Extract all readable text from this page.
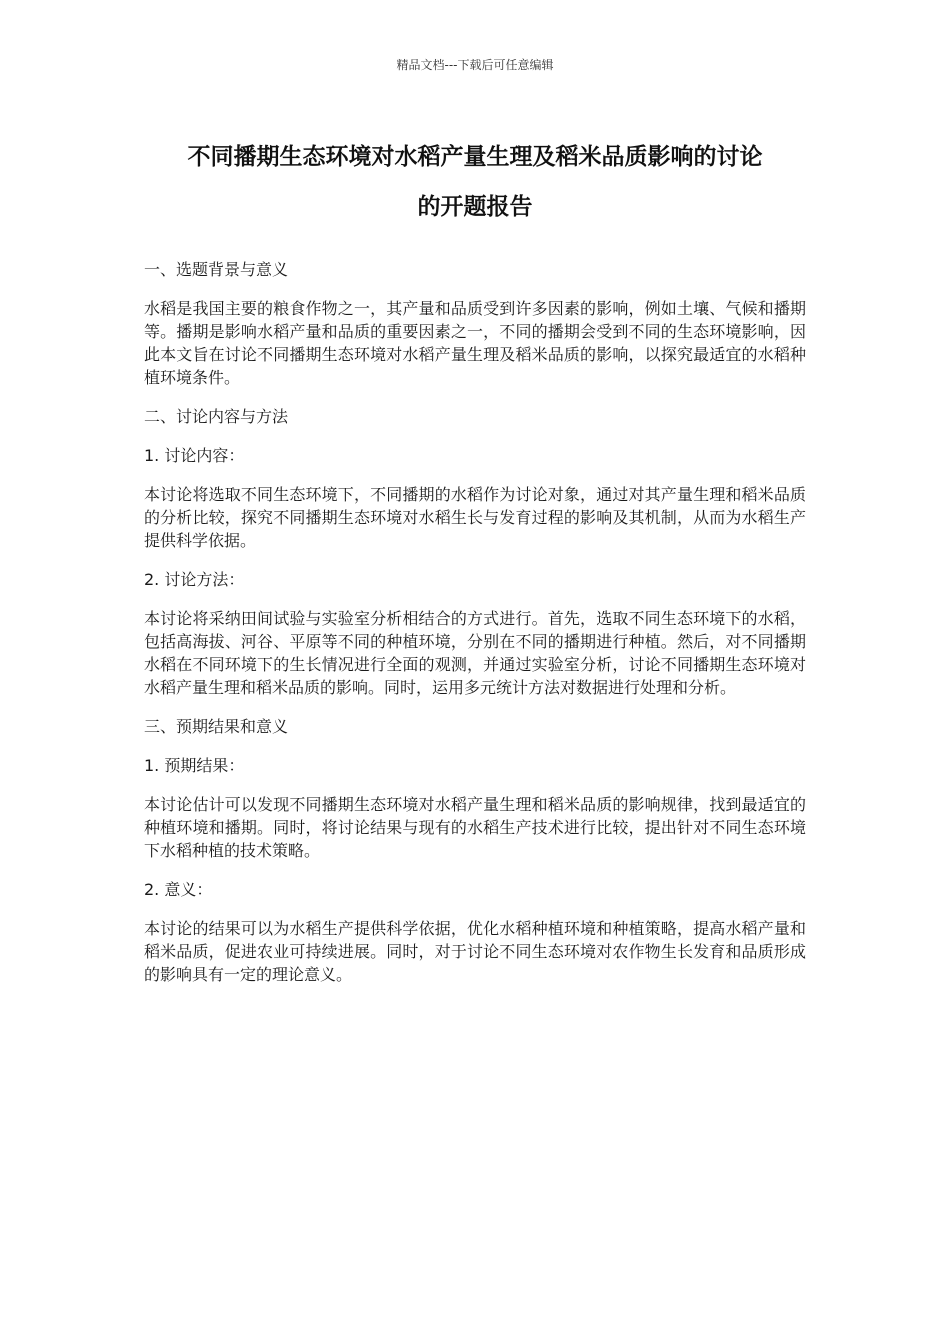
精品文档---下载后可任意编辑
不同播期生态环境对水稻产量生理及稻米品质影响的讨论
的开题报告

一、选题背景与意义

水稻是我国主要的粮食作物之一，其产量和品质受到许多因素的影响，例如土壤、气候和播期等。播期是影响水稻产量和品质的重要因素之一，不同的播期会受到不同的生态环境影响，因此本文旨在讨论不同播期生态环境对水稻产量生理及稻米品质的影响，以探究最适宜的水稻种植环境条件。

二、讨论内容与方法

1. 讨论内容：

本讨论将选取不同生态环境下，不同播期的水稻作为讨论对象，通过对其产量生理和稻米品质的分析比较，探究不同播期生态环境对水稻生长与发育过程的影响及其机制，从而为水稻生产提供科学依据。

2. 讨论方法：

本讨论将采纳田间试验与实验室分析相结合的方式进行。首先，选取不同生态环境下的水稻，包括高海拔、河谷、平原等不同的种植环境，分别在不同的播期进行种植。然后，对不同播期水稻在不同环境下的生长情况进行全面的观测，并通过实验室分析，讨论不同播期生态环境对水稻产量生理和稻米品质的影响。同时，运用多元统计方法对数据进行处理和分析。

三、预期结果和意义

1. 预期结果：

本讨论估计可以发现不同播期生态环境对水稻产量生理和稻米品质的影响规律，找到最适宜的种植环境和播期。同时，将讨论结果与现有的水稻生产技术进行比较，提出针对不同生态环境下水稻种植的技术策略。

2. 意义：

本讨论的结果可以为水稻生产提供科学依据，优化水稻种植环境和种植策略，提高水稻产量和稻米品质，促进农业可持续进展。同时，对于讨论不同生态环境对农作物生长发育和品质形成的影响具有一定的理论意义。
